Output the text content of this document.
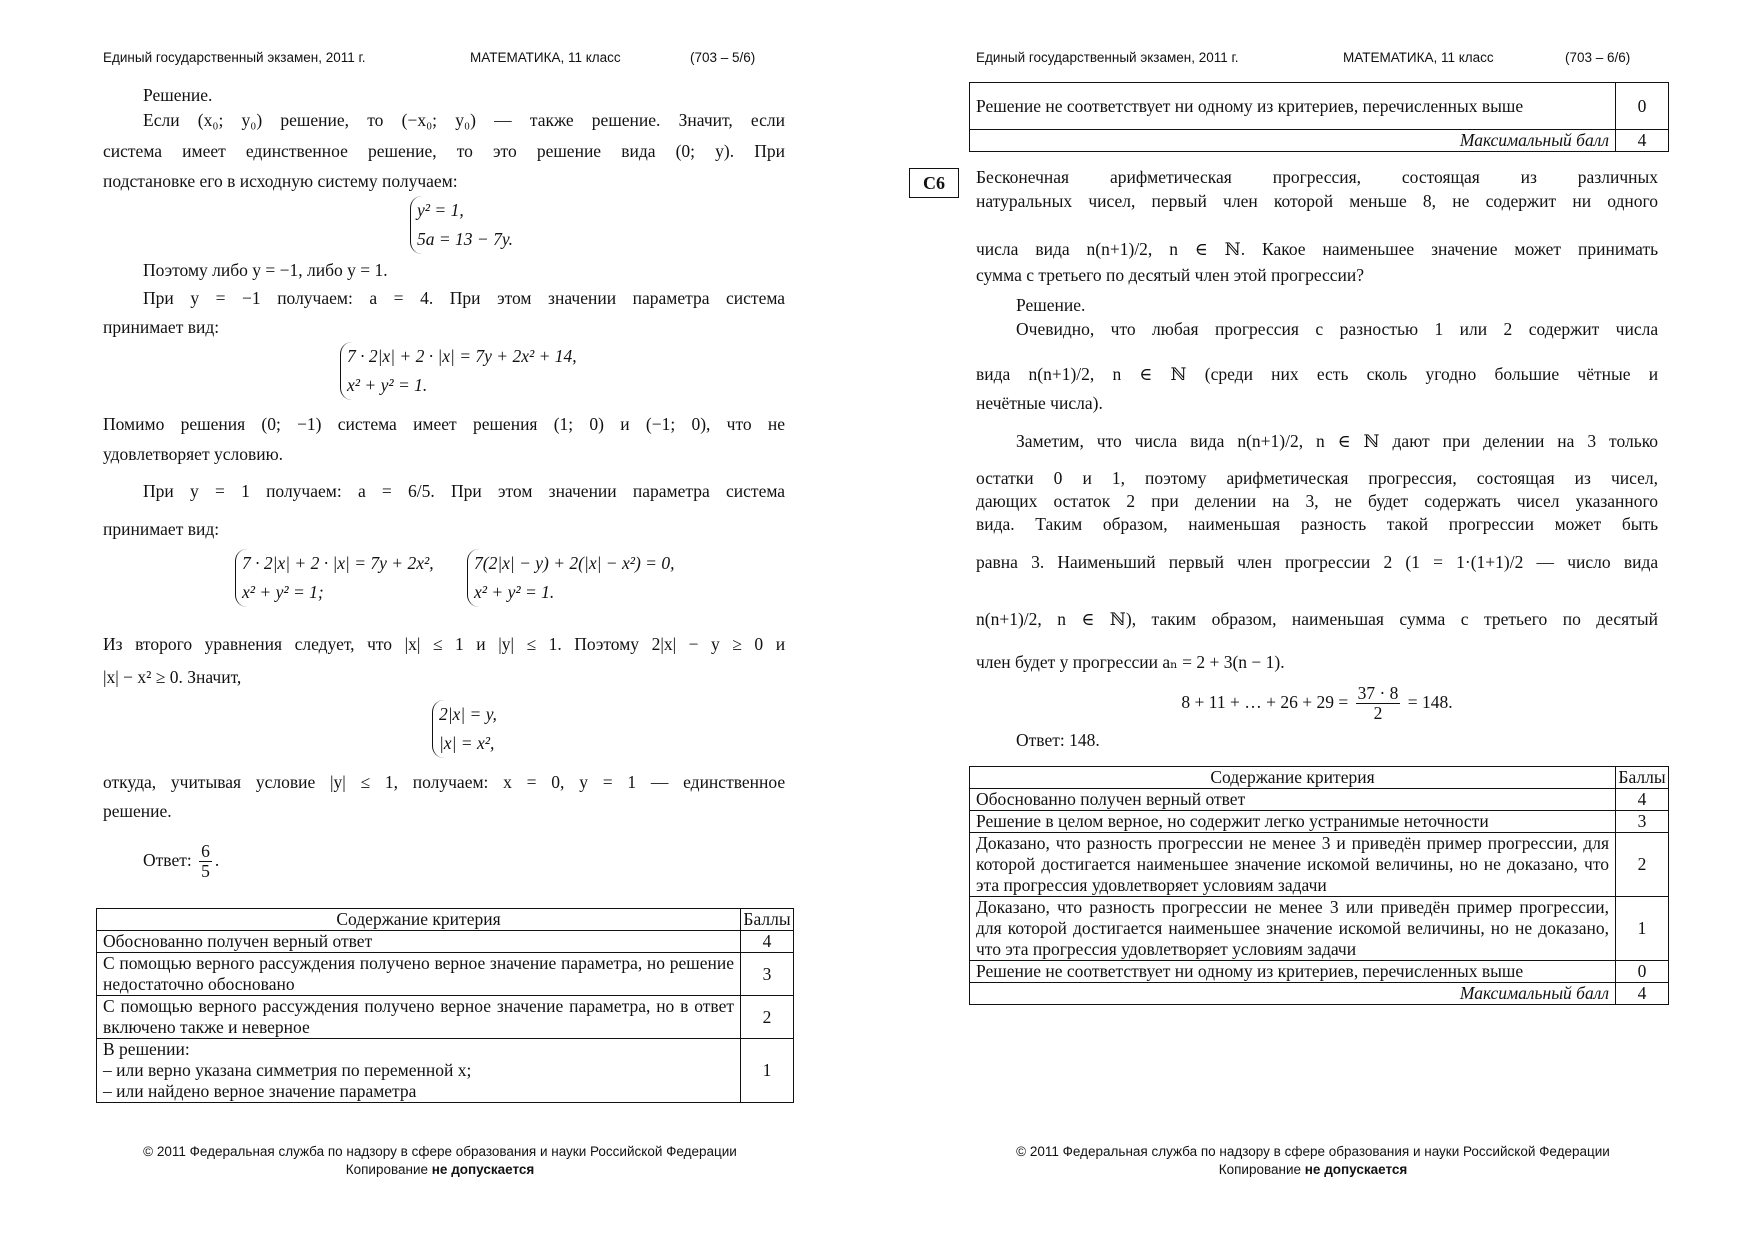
Единый государственный экзамен, 2011 г.	МАТЕМАТИКА, 11 класс	(703 – 5/6)
Решение.
Если (x₀; y₀) решение, то (−x₀; y₀) — также решение. Значит, если
система имеет единственное решение, то это решение вида (0; y). При
подстановке его в исходную систему получаем:
y² = 1,
5a = 13 − 7y.
Поэтому либо y = −1, либо y = 1.
При y = −1 получаем: a = 4. При этом значении параметра система
принимает вид:
7 · 2|x| + 2 · |x| = 7y + 2x² + 14,
x² + y² = 1.
Помимо решения (0; −1) система имеет решения (1; 0) и (−1; 0), что не
удовлетворяет условию.
При y = 1 получаем: a = 6/5. При этом значении параметра система
принимает вид:
7 · 2|x| + 2 · |x| = 7y + 2x²,
x² + y² = 1;
7(2|x| − y) + 2(|x| − x²) = 0,
x² + y² = 1.
Из второго уравнения следует, что |x| ≤ 1 и |y| ≤ 1. Поэтому 2|x| − y ≥ 0 и
|x| − x² ≥ 0. Значит,
2|x| = y,
|x| = x²,
откуда, учитывая условие |y| ≤ 1, получаем: x = 0, y = 1 — единственное
решение.
Ответ: $\frac{6}{5}$ .
Содержание критерия	Баллы
Обоснованно получен верный ответ	4
С помощью верного рассуждения получено верное значение параметра, но решение недостаточно обосновано	3
С помощью верного рассуждения получено верное значение параметра, но в ответ включено также и неверное	2
В решении:
– или верно указана симметрия по переменной x;
– или найдено верное значение параметра	1
© 2011 Федеральная служба по надзору в сфере образования и науки Российской Федерации
Копирование не допускается
Единый государственный экзамен, 2011 г.	МАТЕМАТИКА, 11 класс	(703 – 6/6)
Решение не соответствует ни одному из критериев, перечисленных выше	0
Максимальный балл	4
C6	Бесконечная арифметическая прогрессия, состоящая из различных
натуральных чисел, первый член которой меньше 8, не содержит ни одного
числа вида n(n+1)/2, n ∈ ℕ. Какое наименьшее значение может принимать
сумма с третьего по десятый член этой прогрессии?
Решение.
Очевидно, что любая прогрессия с разностью 1 или 2 содержит числа
вида n(n+1)/2, n ∈ ℕ (среди них есть сколь угодно большие чётные и
нечётные числа).
Заметим, что числа вида n(n+1)/2, n ∈ ℕ дают при делении на 3 только
остатки 0 и 1, поэтому арифметическая прогрессия, состоящая из чисел,
дающих остаток 2 при делении на 3, не будет содержать чисел указанного
вида. Таким образом, наименьшая разность такой прогрессии может быть
равна 3. Наименьший первый член прогрессии 2 (1 = 1·(1+1)/2 — число вида
n(n+1)/2, n ∈ ℕ), таким образом, наименьшая сумма с третьего по десятый
член будет у прогрессии aₙ = 2 + 3(n − 1).
8 + 11 + … + $26 + 29 = \frac{37 \cdot 8}{2} = 148$.
Ответ: 148.
Содержание критерия	Баллы
Обоснованно получен верный ответ	4
Решение в целом верное, но содержит легко устранимые неточности	3
Доказано, что разность прогрессии не менее 3 и приведён пример прогрессии, для которой достигается наименьшее значение искомой величины, но не доказано, что эта прогрессия удовлетворяет условиям задачи	2
Доказано, что разность прогрессии не менее 3 или приведён пример прогрессии, для которой достигается наименьшее значение искомой величины, но не доказано, что эта прогрессия удовлетворяет условиям задачи	1
Решение не соответствует ни одному из критериев, перечисленных выше	0
Максимальный балл	4
© 2011 Федеральная служба по надзору в сфере образования и науки Российской Федерации
Копирование не допускается
